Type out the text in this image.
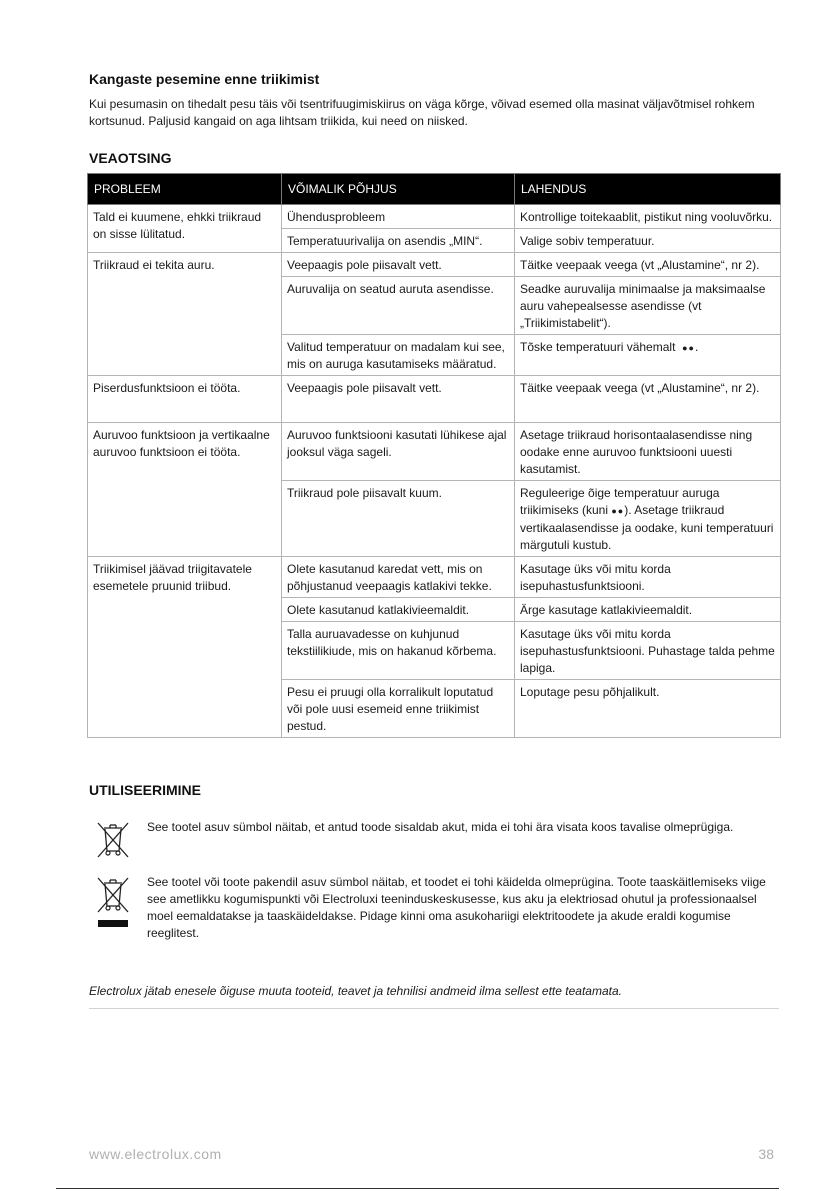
Kangaste pesemine enne triikimist

Kui pesumasin on tihedalt pesu täis või tsentrifuugimiskiirus on väga kõrge, võivad esemed olla masinat väljavõtmisel rohkem kortsunud. Paljusid kangaid on aga lihtsam triikida, kui need on niisked.

VEAOTSING
PROBLEEM	VÕIMALIK PÕHJUS	LAHENDUS
Tald ei kuumene, ehkki triikraud on sisse lülitatud.	Ühendusprobleem	Kontrollige toitekaablit, pistikut ning vooluvõrku.
	Temperatuurivalija on asendis „MIN“.	Valige sobiv temperatuur.
Triikraud ei tekita auru.	Veepaagis pole piisavalt vett.	Täitke veepaak veega (vt „Alustamine“, nr 2).
	Auruvalija on seatud auruta asendisse.	Seadke auruvalija minimaalse ja maksimaalse auru vahepealsesse asendisse (vt „Triikimistabelit“).
	Valitud temperatuur on madalam kui see, mis on auruga kasutamiseks määratud.	Tõske temperatuuri vähemalt ●●.
Piserdusfunktsioon ei tööta.	Veepaagis pole piisavalt vett.	Täitke veepaak veega (vt „Alustamine“, nr 2).
Auruvoo funktsioon ja vertikaalne auruvoo funktsioon ei tööta.	Auruvoo funktsiooni kasutati lühikese ajal jooksul väga sageli.	Asetage triikraud horisontaalasendisse ning oodake enne auruvoo funktsiooni uuesti kasutamist.
	Triikraud pole piisavalt kuum.	Reguleerige õige temperatuur auruga triikimiseks (kuni ●●). Asetage triikraud vertikaalasendisse ja oodake, kuni temperatuuri märgutuli kustub.
Triikimisel jäävad triigitavatele esemetele pruunid triibud.	Olete kasutanud karedat vett, mis on põhjustanud veepaagis katlakivi tekke.	Kasutage üks või mitu korda isepuhastusfunktsiooni.
	Olete kasutanud katlakivieemaldit.	Ärge kasutage katlakivieemaldit.
	Talla auruavadesse on kuhjunud tekstiilikiude, mis on hakanud kõrbema.	Kasutage üks või mitu korda isepuhastusfunktsiooni. Puhastage talda pehme lapiga.
	Pesu ei pruugi olla korralikult loputatud või pole uusi esemeid enne triikimist pestud.	Loputage pesu põhjalikult.
UTILISEERIMINE

See tootel asuv sümbol näitab, et antud toode sisaldab akut, mida ei tohi ära visata koos tavalise olmeprügiga.

See tootel või toote pakendil asuv sümbol näitab, et toodet ei tohi käidelda olmeprügina. Toote taaskäitlemiseks viige see ametlikku kogumispunkti või Electroluxi teeninduskeskusesse, kus aku ja elektriosad ohutul ja professionaalsel moel eemaldatakse ja taaskäideldakse. Pidage kinni oma asukohariigi elektritoodete ja akude eraldi kogumise reeglitest.

Electrolux jätab enesele õiguse muuta tooteid, teavet ja tehnilisi andmeid ilma sellest ette teatamata.

www.electrolux.com	38
